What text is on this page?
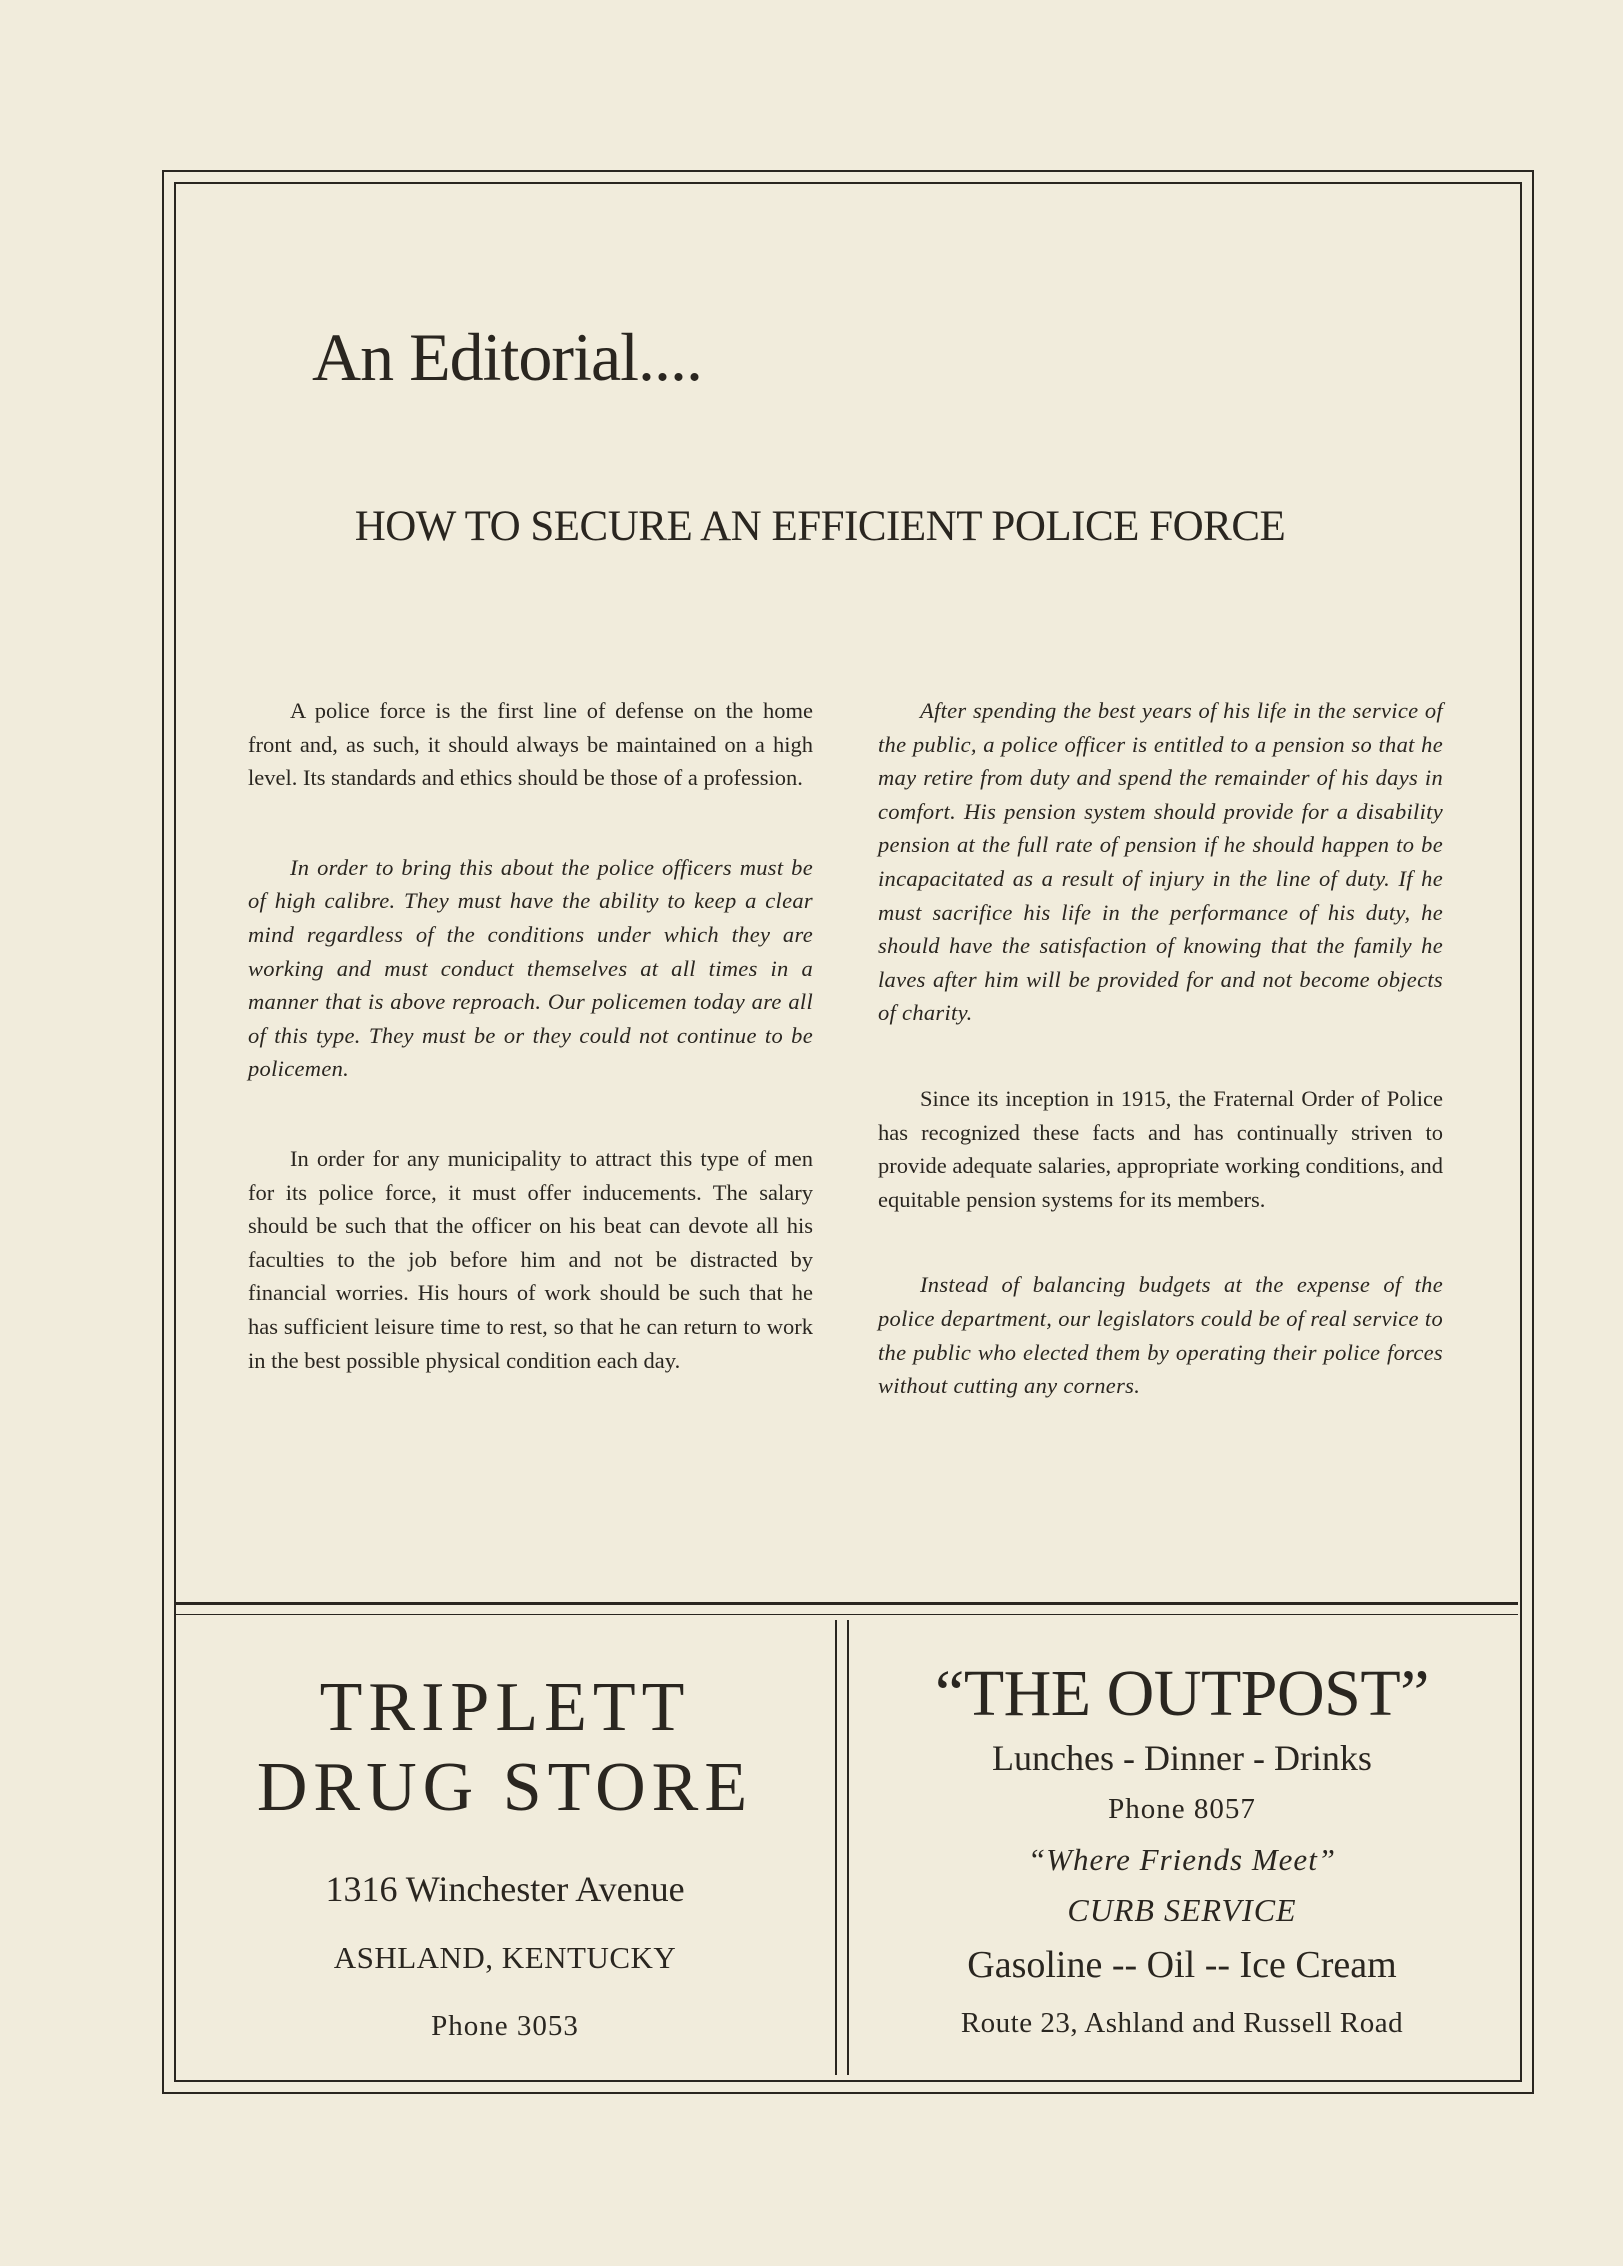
An Editorial....
HOW TO SECURE AN EFFICIENT POLICE FORCE

A police force is the first line of defense on the home front and, as such, it should always be maintained on a high level. Its standards and ethics should be those of a profession.

In order to bring this about the police officers must be of high calibre. They must have the ability to keep a clear mind regardless of the conditions under which they are working and must conduct themselves at all times in a manner that is above reproach. Our policemen today are all of this type. They must be or they could not continue to be policemen.

In order for any municipality to attract this type of men for its police force, it must offer inducements. The salary should be such that the officer on his beat can devote all his faculties to the job before him and not be distracted by financial worries. His hours of work should be such that he has sufficient leisure time to rest, so that he can return to work in the best possible physical condition each day.

After spending the best years of his life in the service of the public, a police officer is entitled to a pension so that he may retire from duty and spend the remainder of his days in comfort. His pension system should provide for a disability pension at the full rate of pension if he should happen to be incapacitated as a result of injury in the line of duty. If he must sacrifice his life in the performance of his duty, he should have the satisfaction of knowing that the family he laves after him will be provided for and not become objects of charity.

Since its inception in 1915, the Fraternal Order of Police has recognized these facts and has continually striven to provide adequate salaries, appropriate working conditions, and equitable pension systems for its members.

Instead of balancing budgets at the expense of the police department, our legislators could be of real service to the public who elected them by operating their police forces without cutting any corners.

TRIPLETT

DRUG STORE

1316 Winchester Avenue

ASHLAND, KENTUCKY

Phone 3053

“THE OUTPOST”

Lunches - Dinner - Drinks

Phone 8057

“Where Friends Meet”

CURB SERVICE

Gasoline -- Oil -- Ice Cream

Route 23, Ashland and Russell Road
